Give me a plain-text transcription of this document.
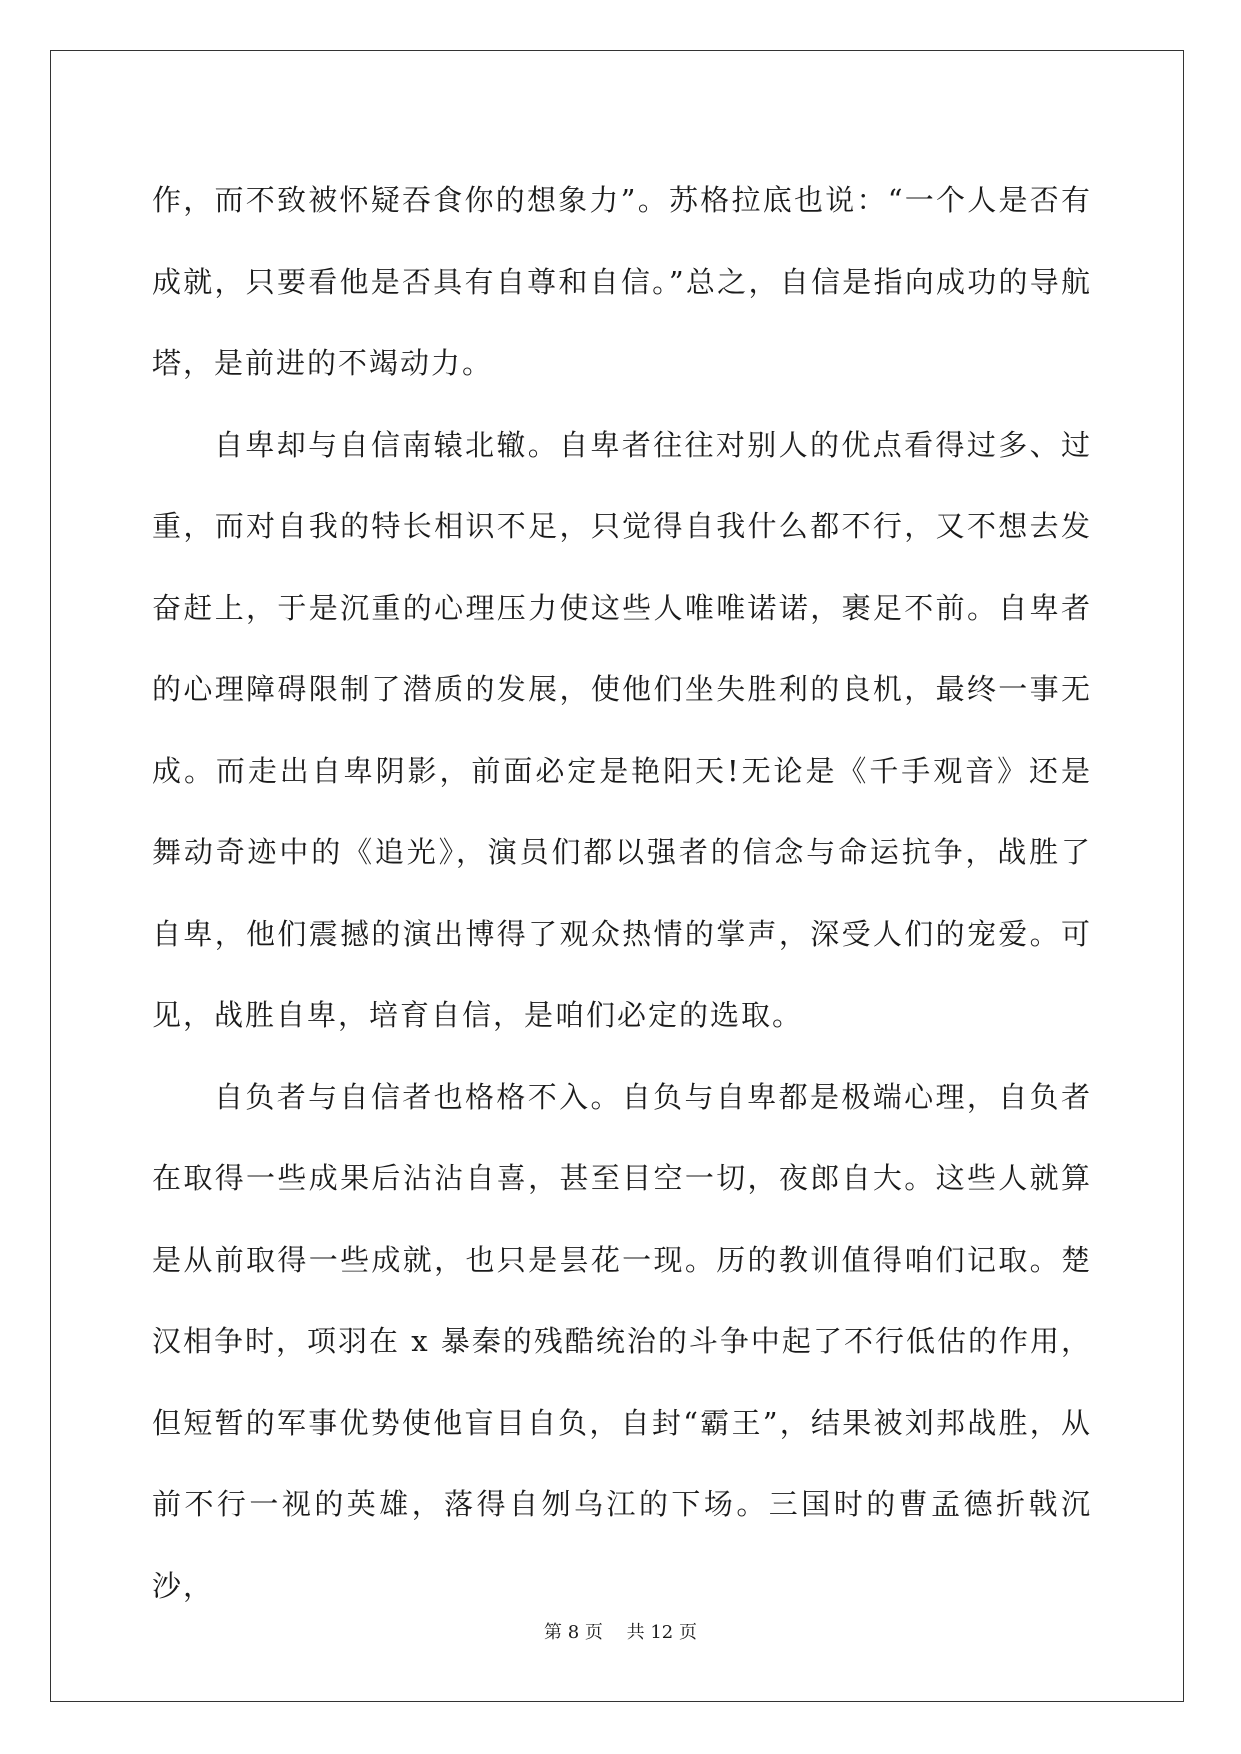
作，而不致被怀疑吞食你的想象力”。苏格拉底也说：“一个人是否有成就，只要看他是否具有自尊和自信。”总之，自信是指向成功的导航塔，是前进的不竭动力。

自卑却与自信南辕北辙。自卑者往往对别人的优点看得过多、过重，而对自我的特长相识不足，只觉得自我什么都不行，又不想去发奋赶上，于是沉重的心理压力使这些人唯唯诺诺，裹足不前。自卑者的心理障碍限制了潜质的发展，使他们坐失胜利的良机，最终一事无成。而走出自卑阴影，前面必定是艳阳天!无论是《千手观音》还是舞动奇迹中的《追光》，演员们都以强者的信念与命运抗争，战胜了自卑，他们震撼的演出博得了观众热情的掌声，深受人们的宠爱。可见，战胜自卑，培育自信，是咱们必定的选取。

自负者与自信者也格格不入。自负与自卑都是极端心理，自负者在取得一些成果后沾沾自喜，甚至目空一切，夜郎自大。这些人就算是从前取得一些成就，也只是昙花一现。历的教训值得咱们记取。楚汉相争时，项羽在 x 暴秦的残酷统治的斗争中起了不行低估的作用，但短暂的军事优势使他盲目自负，自封“霸王”，结果被刘邦战胜，从前不行一视的英雄，落得自刎乌江的下场。三国时的曹孟德折戟沉沙，

第 8 页　 共 12 页
